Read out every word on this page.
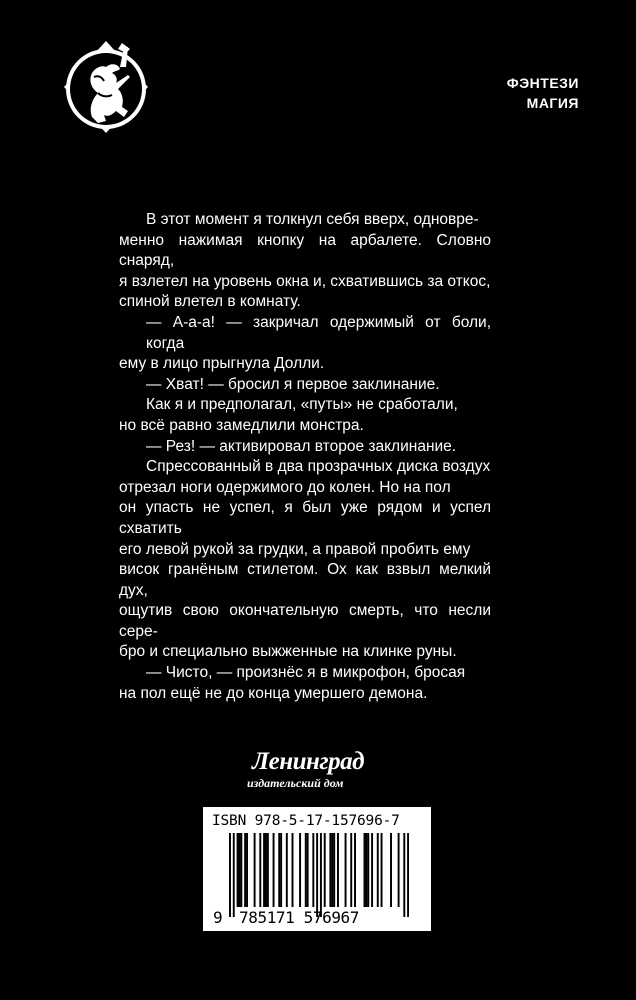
ФЭНТЕЗИ
МАГИЯ

В этот момент я толкнул себя вверх, одновре-

менно нажимая кнопку на арбалете. Словно снаряд,

я взлетел на уровень окна и, схватившись за откос,

спиной влетел в комнату.

— А-а-а! — закричал одержимый от боли, когда

ему в лицо прыгнула Долли.

— Хват! — бросил я первое заклинание.

Как я и предполагал, «путы» не сработали,

но всё равно замедлили монстра.

— Рез! — активировал второе заклинание.

Спрессованный в два прозрачных диска воздух

отрезал ноги одержимого до колен. Но на пол

он упасть не успел, я был уже рядом и успел схватить

его левой рукой за грудки, а правой пробить ему

висок гранёным стилетом. Ох как взвыл мелкий дух,

ощутив свою окончательную смерть, что несли сере-

бро и специально выжженные на клинке руны.

— Чисто, — произнёс я в микрофон, бросая

на пол ещё не до конца умершего демона.

Ленинград
издательский дом
ISBN 978-5-17-157696-7
9 785171 576967
